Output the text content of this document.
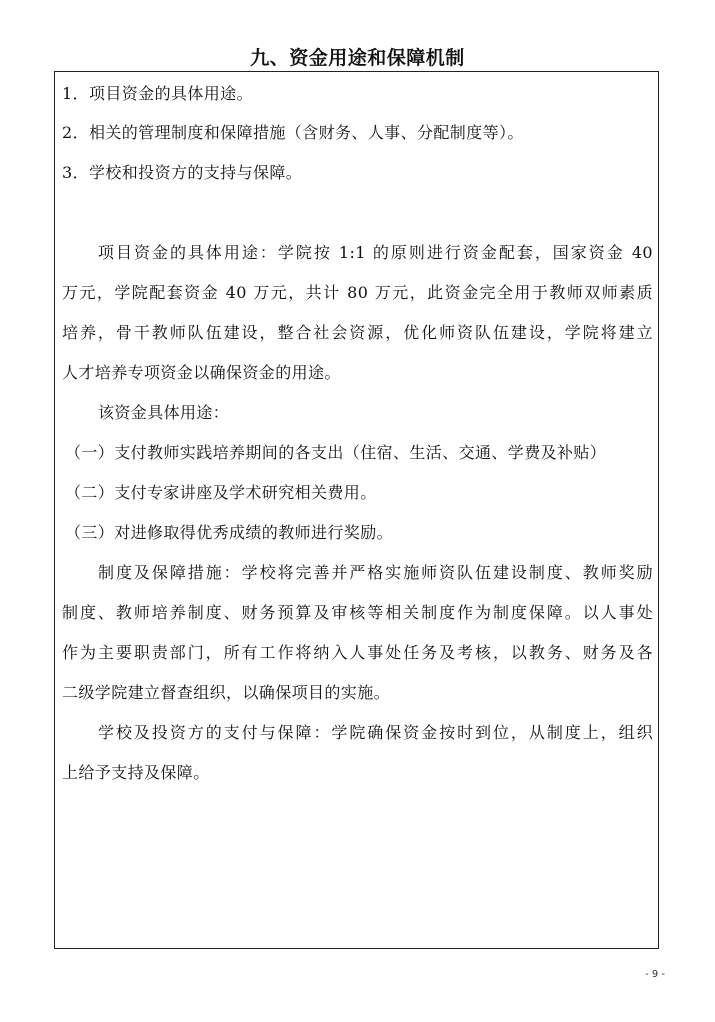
九、资金用途和保障机制
1．项目资金的具体用途。
2．相关的管理制度和保障措施（含财务、人事、分配制度等）。
3．学校和投资方的支持与保障。
项目资金的具体用途：学院按 1:1 的原则进行资金配套，国家资金 40
万元，学院配套资金 40 万元，共计 80 万元，此资金完全用于教师双师素质
培养，骨干教师队伍建设，整合社会资源，优化师资队伍建设，学院将建立
人才培养专项资金以确保资金的用途。
该资金具体用途：
（一）支付教师实践培养期间的各支出（住宿、生活、交通、学费及补贴）
（二）支付专家讲座及学术研究相关费用。
（三）对进修取得优秀成绩的教师进行奖励。
制度及保障措施：学校将完善并严格实施师资队伍建设制度、教师奖励
制度、教师培养制度、财务预算及审核等相关制度作为制度保障。以人事处
作为主要职责部门，所有工作将纳入人事处任务及考核，以教务、财务及各
二级学院建立督查组织，以确保项目的实施。
学校及投资方的支付与保障：学院确保资金按时到位，从制度上，组织
上给予支持及保障。
- 9 -
